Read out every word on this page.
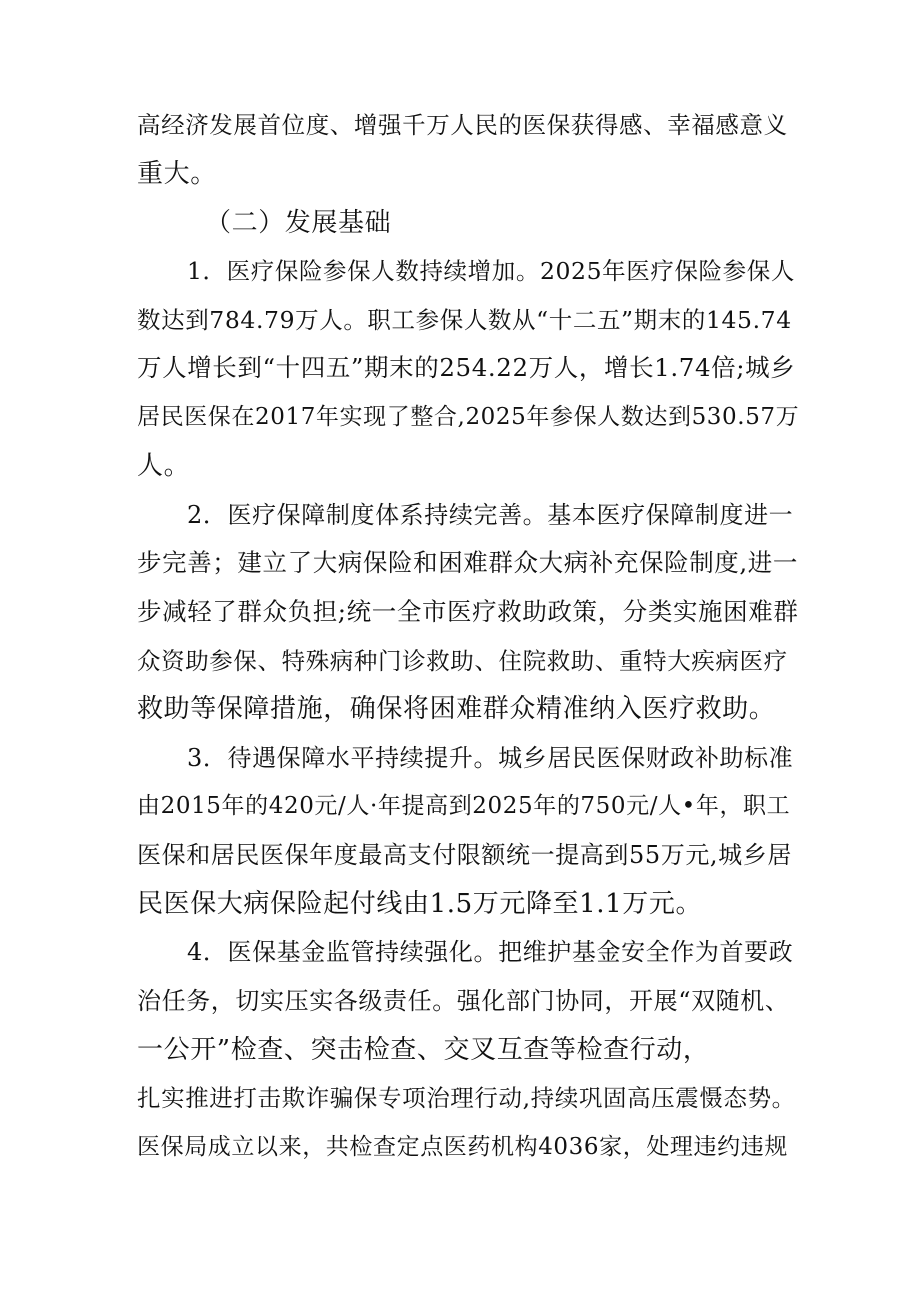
高经济发展首位度、增强千万人民的医保获得感、幸福感意义
重大。
（二）发展基础
1．医疗保险参保人数持续增加。2025年医疗保险参保人
数达到784.79万人。职工参保人数从“十二五”期末的145.74
万人增长到“十四五”期末的254.22万人，增长1.74倍;城乡
居民医保在2017年实现了整合,2025年参保人数达到530.57万
人。
2．医疗保障制度体系持续完善。基本医疗保障制度进一
步完善；建立了大病保险和困难群众大病补充保险制度,进一
步减轻了群众负担;统一全市医疗救助政策，分类实施困难群
众资助参保、特殊病种门诊救助、住院救助、重特大疾病医疗
救助等保障措施，确保将困难群众精准纳入医疗救助。
3．待遇保障水平持续提升。城乡居民医保财政补助标准
由2015年的420元/人·年提高到2025年的750元/人•年，职工
医保和居民医保年度最高支付限额统一提高到55万元,城乡居
民医保大病保险起付线由1.5万元降至1.1万元。
4．医保基金监管持续强化。把维护基金安全作为首要政
治任务，切实压实各级责任。强化部门协同，开展“双随机、
一公开”检查、突击检查、交叉互查等检查行动，
扎实推进打击欺诈骗保专项治理行动,持续巩固高压震慑态势。
医保局成立以来，共检查定点医药机构4036家，处理违约违规
